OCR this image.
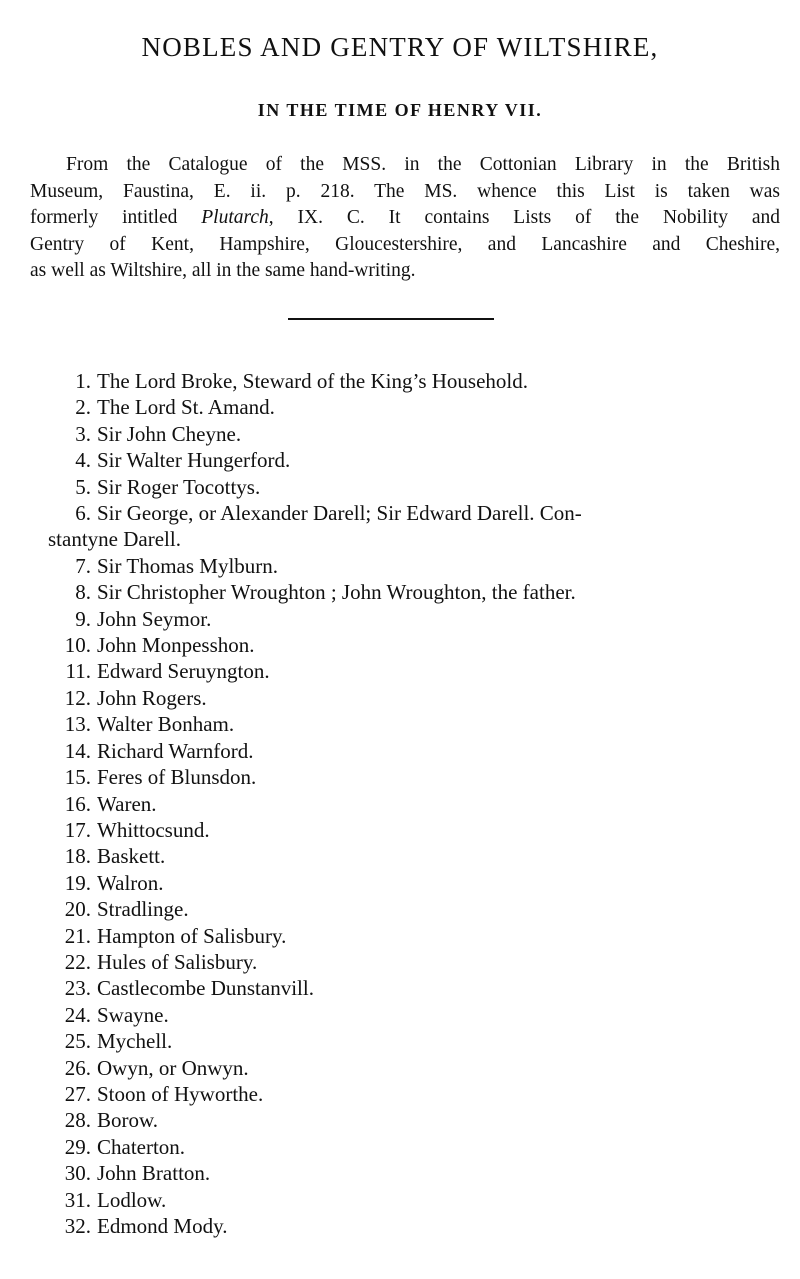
NOBLES AND GENTRY OF WILTSHIRE,
IN THE TIME OF HENRY VII.
From the Catalogue of the MSS. in the Cottonian Library in the British
Museum, Faustina, E. ii. p. 218. The MS. whence this List is taken was
formerly intitled Plutarch, IX. C. It contains Lists of the Nobility and
Gentry of Kent, Hampshire, Gloucestershire, and Lancashire and Cheshire,
as well as Wiltshire, all in the same hand-writing.
1. The Lord Broke, Steward of the King’s Household.
2. The Lord St. Amand.
3. Sir John Cheyne.
4. Sir Walter Hungerford.
5. Sir Roger Tocottys.
6. Sir George, or Alexander Darell; Sir Edward Darell. Con-
stantyne Darell.
7. Sir Thomas Mylburn.
8. Sir Christopher Wroughton ; John Wroughton, the father.
9. John Seymor.
10. John Monpesshon.
11. Edward Seruyngton.
12. John Rogers.
13. Walter Bonham.
14. Richard Warnford.
15. Feres of Blunsdon.
16. Waren.
17. Whittocsund.
18. Baskett.
19. Walron.
20. Stradlinge.
21. Hampton of Salisbury.
22. Hules of Salisbury.
23. Castlecombe Dunstanvill.
24. Swayne.
25. Mychell.
26. Owyn, or Onwyn.
27. Stoon of Hyworthe.
28. Borow.
29. Chaterton.
30. John Bratton.
31. Lodlow.
32. Edmond Mody.
